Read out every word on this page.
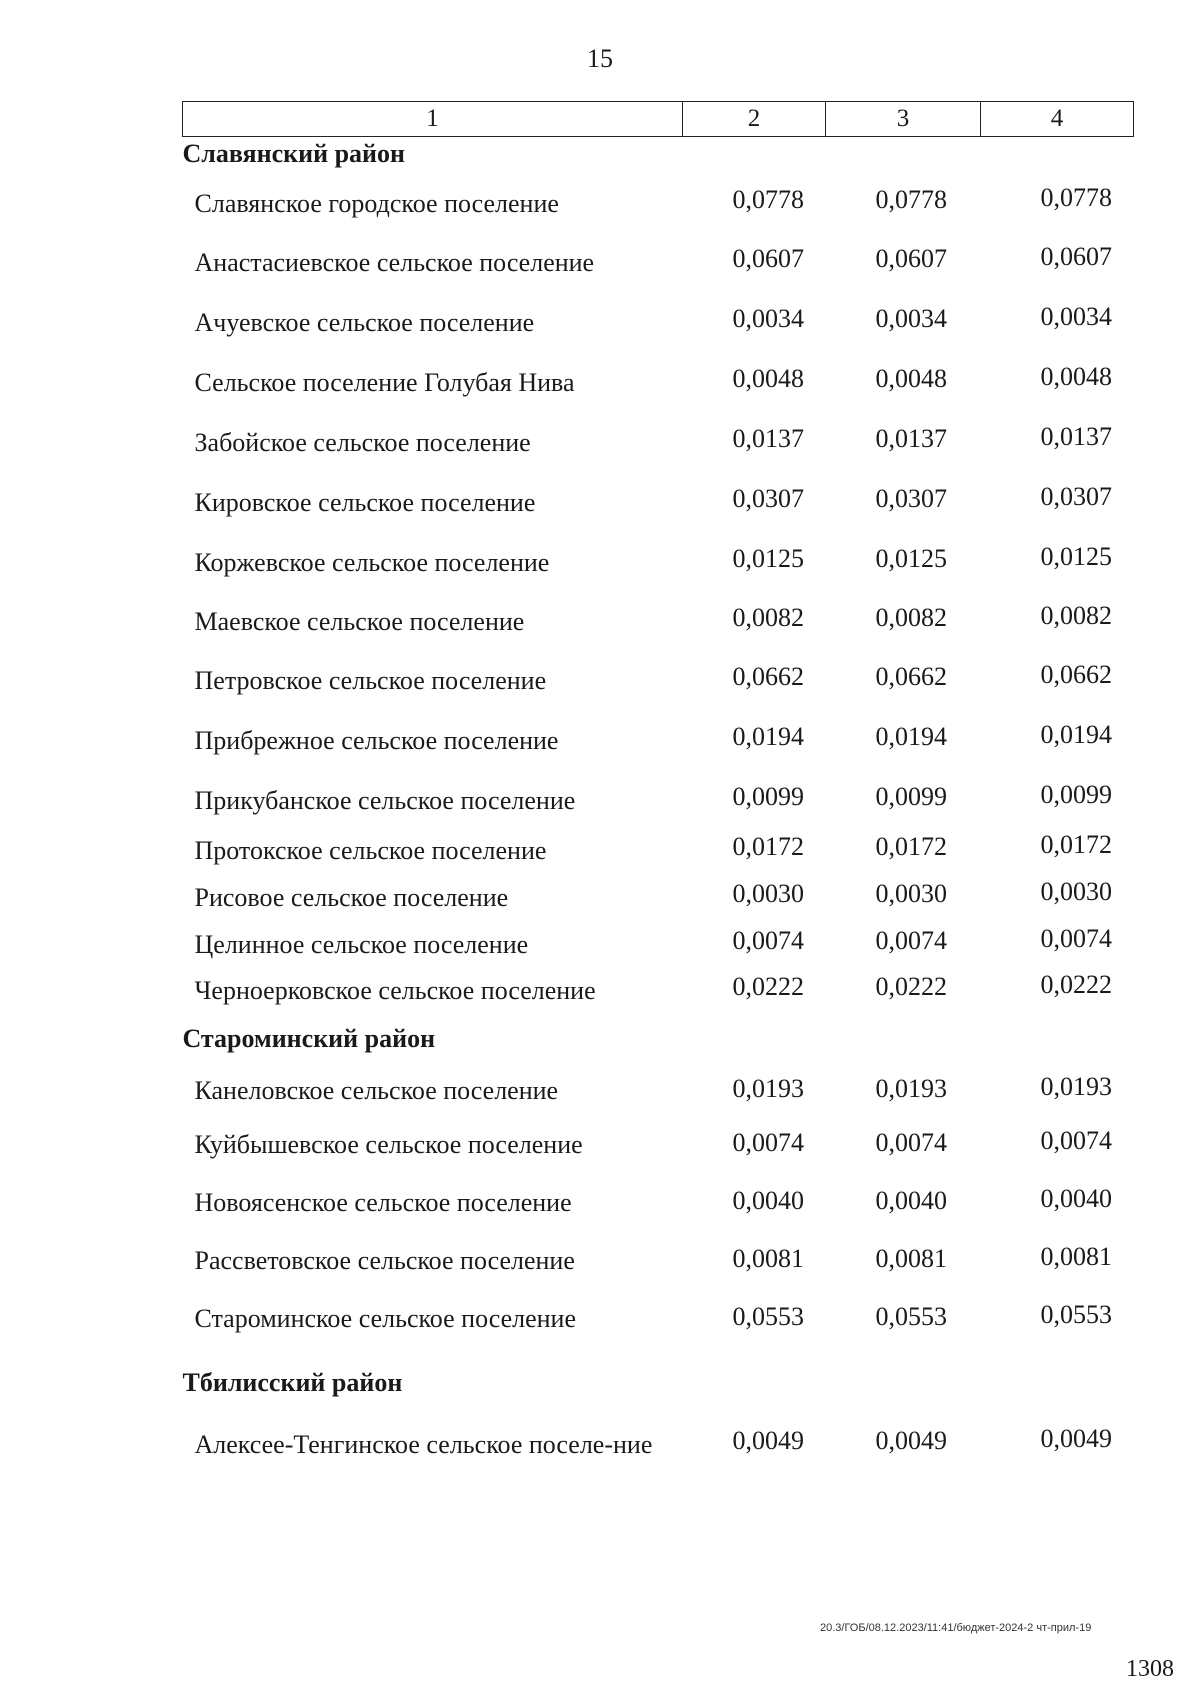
15
1	2	3	4
Славянский район			
Славянское городское поселение	0,0778	0,0778	0,0778
Анастасиевское сельское поселение	0,0607	0,0607	0,0607
Ачуевское сельское поселение	0,0034	0,0034	0,0034
Сельское поселение Голубая Нива	0,0048	0,0048	0,0048
Забойское сельское поселение	0,0137	0,0137	0,0137
Кировское сельское поселение	0,0307	0,0307	0,0307
Коржевское сельское поселение	0,0125	0,0125	0,0125
Маевское сельское поселение	0,0082	0,0082	0,0082
Петровское сельское поселение	0,0662	0,0662	0,0662
Прибрежное сельское поселение	0,0194	0,0194	0,0194
Прикубанское сельское поселение	0,0099	0,0099	0,0099
Протокское сельское поселение	0,0172	0,0172	0,0172
Рисовое сельское поселение	0,0030	0,0030	0,0030
Целинное сельское поселение	0,0074	0,0074	0,0074
Черноерковское сельское поселение	0,0222	0,0222	0,0222
Староминский район			
Канеловское сельское поселение	0,0193	0,0193	0,0193
Куйбышевское сельское поселение	0,0074	0,0074	0,0074
Новоясенское сельское поселение	0,0040	0,0040	0,0040
Рассветовское сельское поселение	0,0081	0,0081	0,0081
Староминское сельское поселение	0,0553	0,0553	0,0553
Тбилисский район			
Алексее-Тенгинское сельское поселе-ние	0,0049	0,0049	0,0049
20.3/ГОБ/08.12.2023/11:41/бюджет-2024-2 чт-прил-19
1308
